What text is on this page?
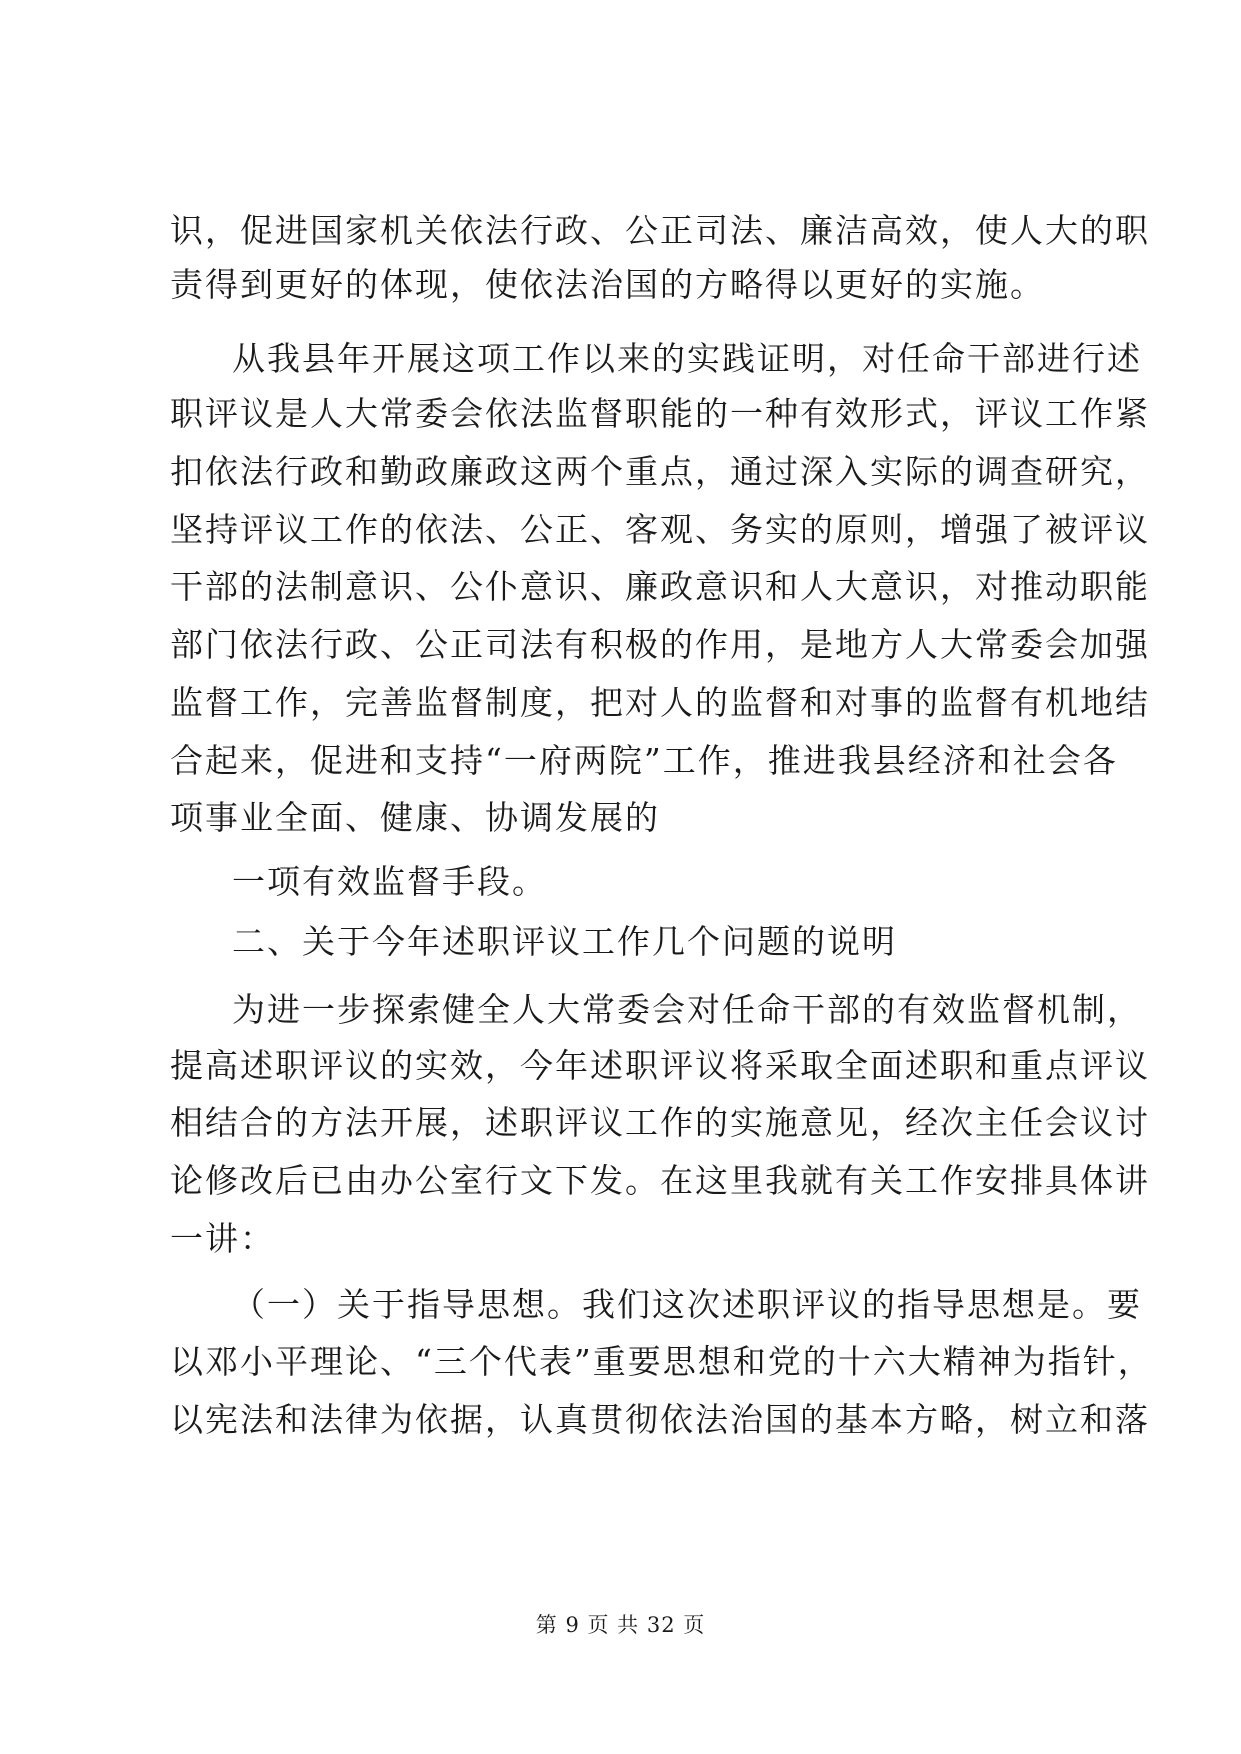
识，促进国家机关依法行政、公正司法、廉洁高效，使人大的职
责得到更好的体现，使依法治国的方略得以更好的实施。
从我县年开展这项工作以来的实践证明，对任命干部进行述
职评议是人大常委会依法监督职能的一种有效形式，评议工作紧
扣依法行政和勤政廉政这两个重点，通过深入实际的调查研究，
坚持评议工作的依法、公正、客观、务实的原则，增强了被评议
干部的法制意识、公仆意识、廉政意识和人大意识，对推动职能
部门依法行政、公正司法有积极的作用，是地方人大常委会加强
监督工作，完善监督制度，把对人的监督和对事的监督有机地结
合起来，促进和支持“一府两院”工作，推进我县经济和社会各
项事业全面、健康、协调发展的
一项有效监督手段。
二、关于今年述职评议工作几个问题的说明
为进一步探索健全人大常委会对任命干部的有效监督机制，
提高述职评议的实效，今年述职评议将采取全面述职和重点评议
相结合的方法开展，述职评议工作的实施意见，经次主任会议讨
论修改后已由办公室行文下发。在这里我就有关工作安排具体讲
一讲：
（一）关于指导思想。我们这次述职评议的指导思想是。要
以邓小平理论、“三个代表”重要思想和党的十六大精神为指针，
以宪法和法律为依据，认真贯彻依法治国的基本方略，树立和落
第 9 页 共 32 页
